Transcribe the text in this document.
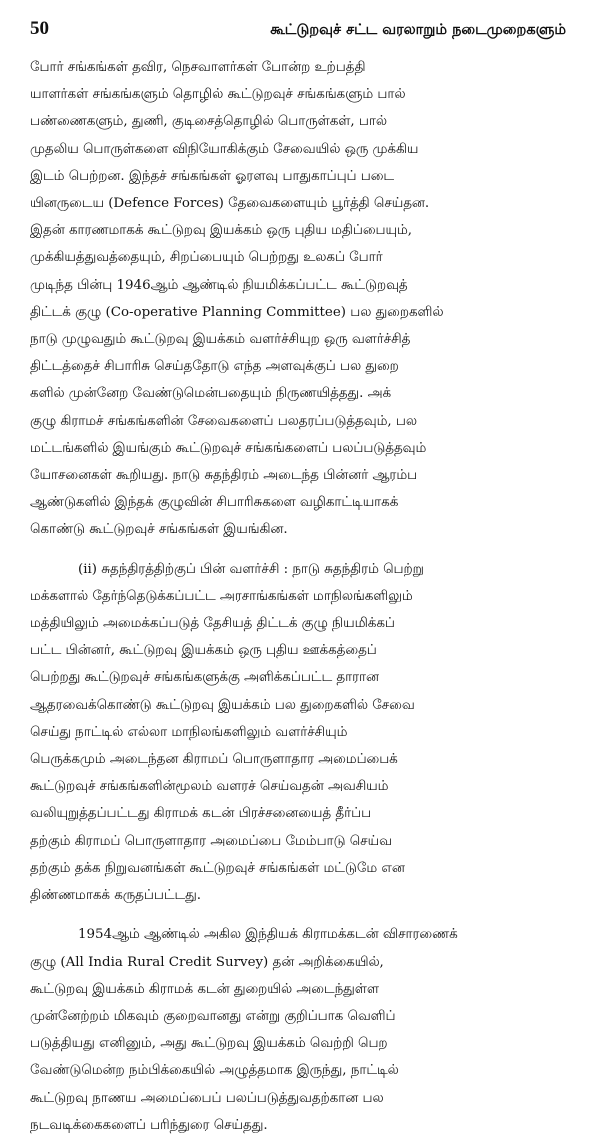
50	கூட்டுறவுச் சட்ட வரலாறும் நடைமுறைகளும்
போர் சங்கங்கள் தவிர, நெசவாளர்கள் போன்ற உற்பத்தி
யாளர்கள் சங்கங்களும் தொழில் கூட்டுறவுச் சங்கங்களும் பால்
பண்ணைகளும், துணி, குடிசைத்தொழில் பொருள்கள், பால்
முதலிய பொருள்களை விநியோகிக்கும் சேவையில் ஒரு முக்கிய
இடம் பெற்றன. இந்தச் சங்கங்கள் ஓரளவு பாதுகாப்புப் படை
யினருடைய (Defence Forces) தேவைகளையும் பூர்த்தி செய்தன.
இதன் காரணமாகக் கூட்டுறவு இயக்கம் ஒரு புதிய மதிப்பையும்,
முக்கியத்துவத்தையும், சிறப்பையும் பெற்றது உலகப் போர்
முடிந்த பின்பு 1946ஆம் ஆண்டில் நியமிக்கப்பட்ட கூட்டுறவுத்
திட்டக் குழு (Co-operative Planning Committee) பல துறைகளில்
நாடு முழுவதும் கூட்டுறவு இயக்கம் வளர்ச்சியுற ஒரு வளர்ச்சித்
திட்டத்தைச் சிபாரிசு செய்ததோடு எந்த அளவுக்குப் பல துறை
களில் முன்னேற வேண்டுமென்பதையும் நிருணயித்தது. அக்
குழு கிராமச் சங்கங்களின் சேவைகளைப் பலதரப்படுத்தவும், பல
மட்டங்களில் இயங்கும் கூட்டுறவுச் சங்கங்களைப் பலப்படுத்தவும்
யோசனைகள் கூறியது. நாடு சுதந்திரம் அடைந்த பின்னர் ஆரம்ப
ஆண்டுகளில் இந்தக் குழுவின் சிபாரிசுகளை வழிகாட்டியாகக்
கொண்டு கூட்டுறவுச் சங்கங்கள் இயங்கின.
(ii) சுதந்திரத்திற்குப் பின் வளர்ச்சி : நாடு சுதந்திரம் பெற்று
மக்களால் தேர்ந்தெடுக்கப்பட்ட அரசாங்கங்கள் மாநிலங்களிலும்
மத்தியிலும் அமைக்கப்படுத் தேசியத் திட்டக் குழு நியமிக்கப்
பட்ட பின்னர், கூட்டுறவு இயக்கம் ஒரு புதிய ஊக்கத்தைப்
பெற்றது கூட்டுறவுச் சங்கங்களுக்கு அளிக்கப்பட்ட தாரான
ஆதரவைக்கொண்டு கூட்டுறவு இயக்கம் பல துறைகளில் சேவை
செய்து நாட்டில் எல்லா மாநிலங்களிலும் வளர்ச்சியும்
பெருக்கமும் அடைந்தன கிராமப் பொருளாதார அமைப்பைக்
கூட்டுறவுச் சங்கங்களின்மூலம் வளரச் செய்வதன் அவசியம்
வலியுறுத்தப்பட்டது கிராமக் கடன் பிரச்சனையைத் தீர்ப்ப
தற்கும் கிராமப் பொருளாதார அமைப்பை மேம்பாடு செய்வ
தற்கும் தக்க நிறுவனங்கள் கூட்டுறவுச் சங்கங்கள் மட்டுமே என
திண்ணமாகக் கருதப்பட்டது.
1954ஆம் ஆண்டில் அகில இந்தியக் கிராமக்கடன் விசாரணைக்
குழு (All India Rural Credit Survey) தன் அறிக்கையில்,
கூட்டுறவு இயக்கம் கிராமக் கடன் துறையில் அடைந்துள்ள
முன்னேற்றம் மிகவும் குறைவானது என்று குறிப்பாக வெளிப்
படுத்தியது எனினும், அது கூட்டுறவு இயக்கம் வெற்றி பெற
வேண்டுமென்ற நம்பிக்கையில் அழுத்தமாக இருந்து, நாட்டில்
கூட்டுறவு நாணய அமைப்பைப் பலப்படுத்துவதற்கான பல
நடவடிக்கைகளைப் பரிந்துரை செய்தது.
